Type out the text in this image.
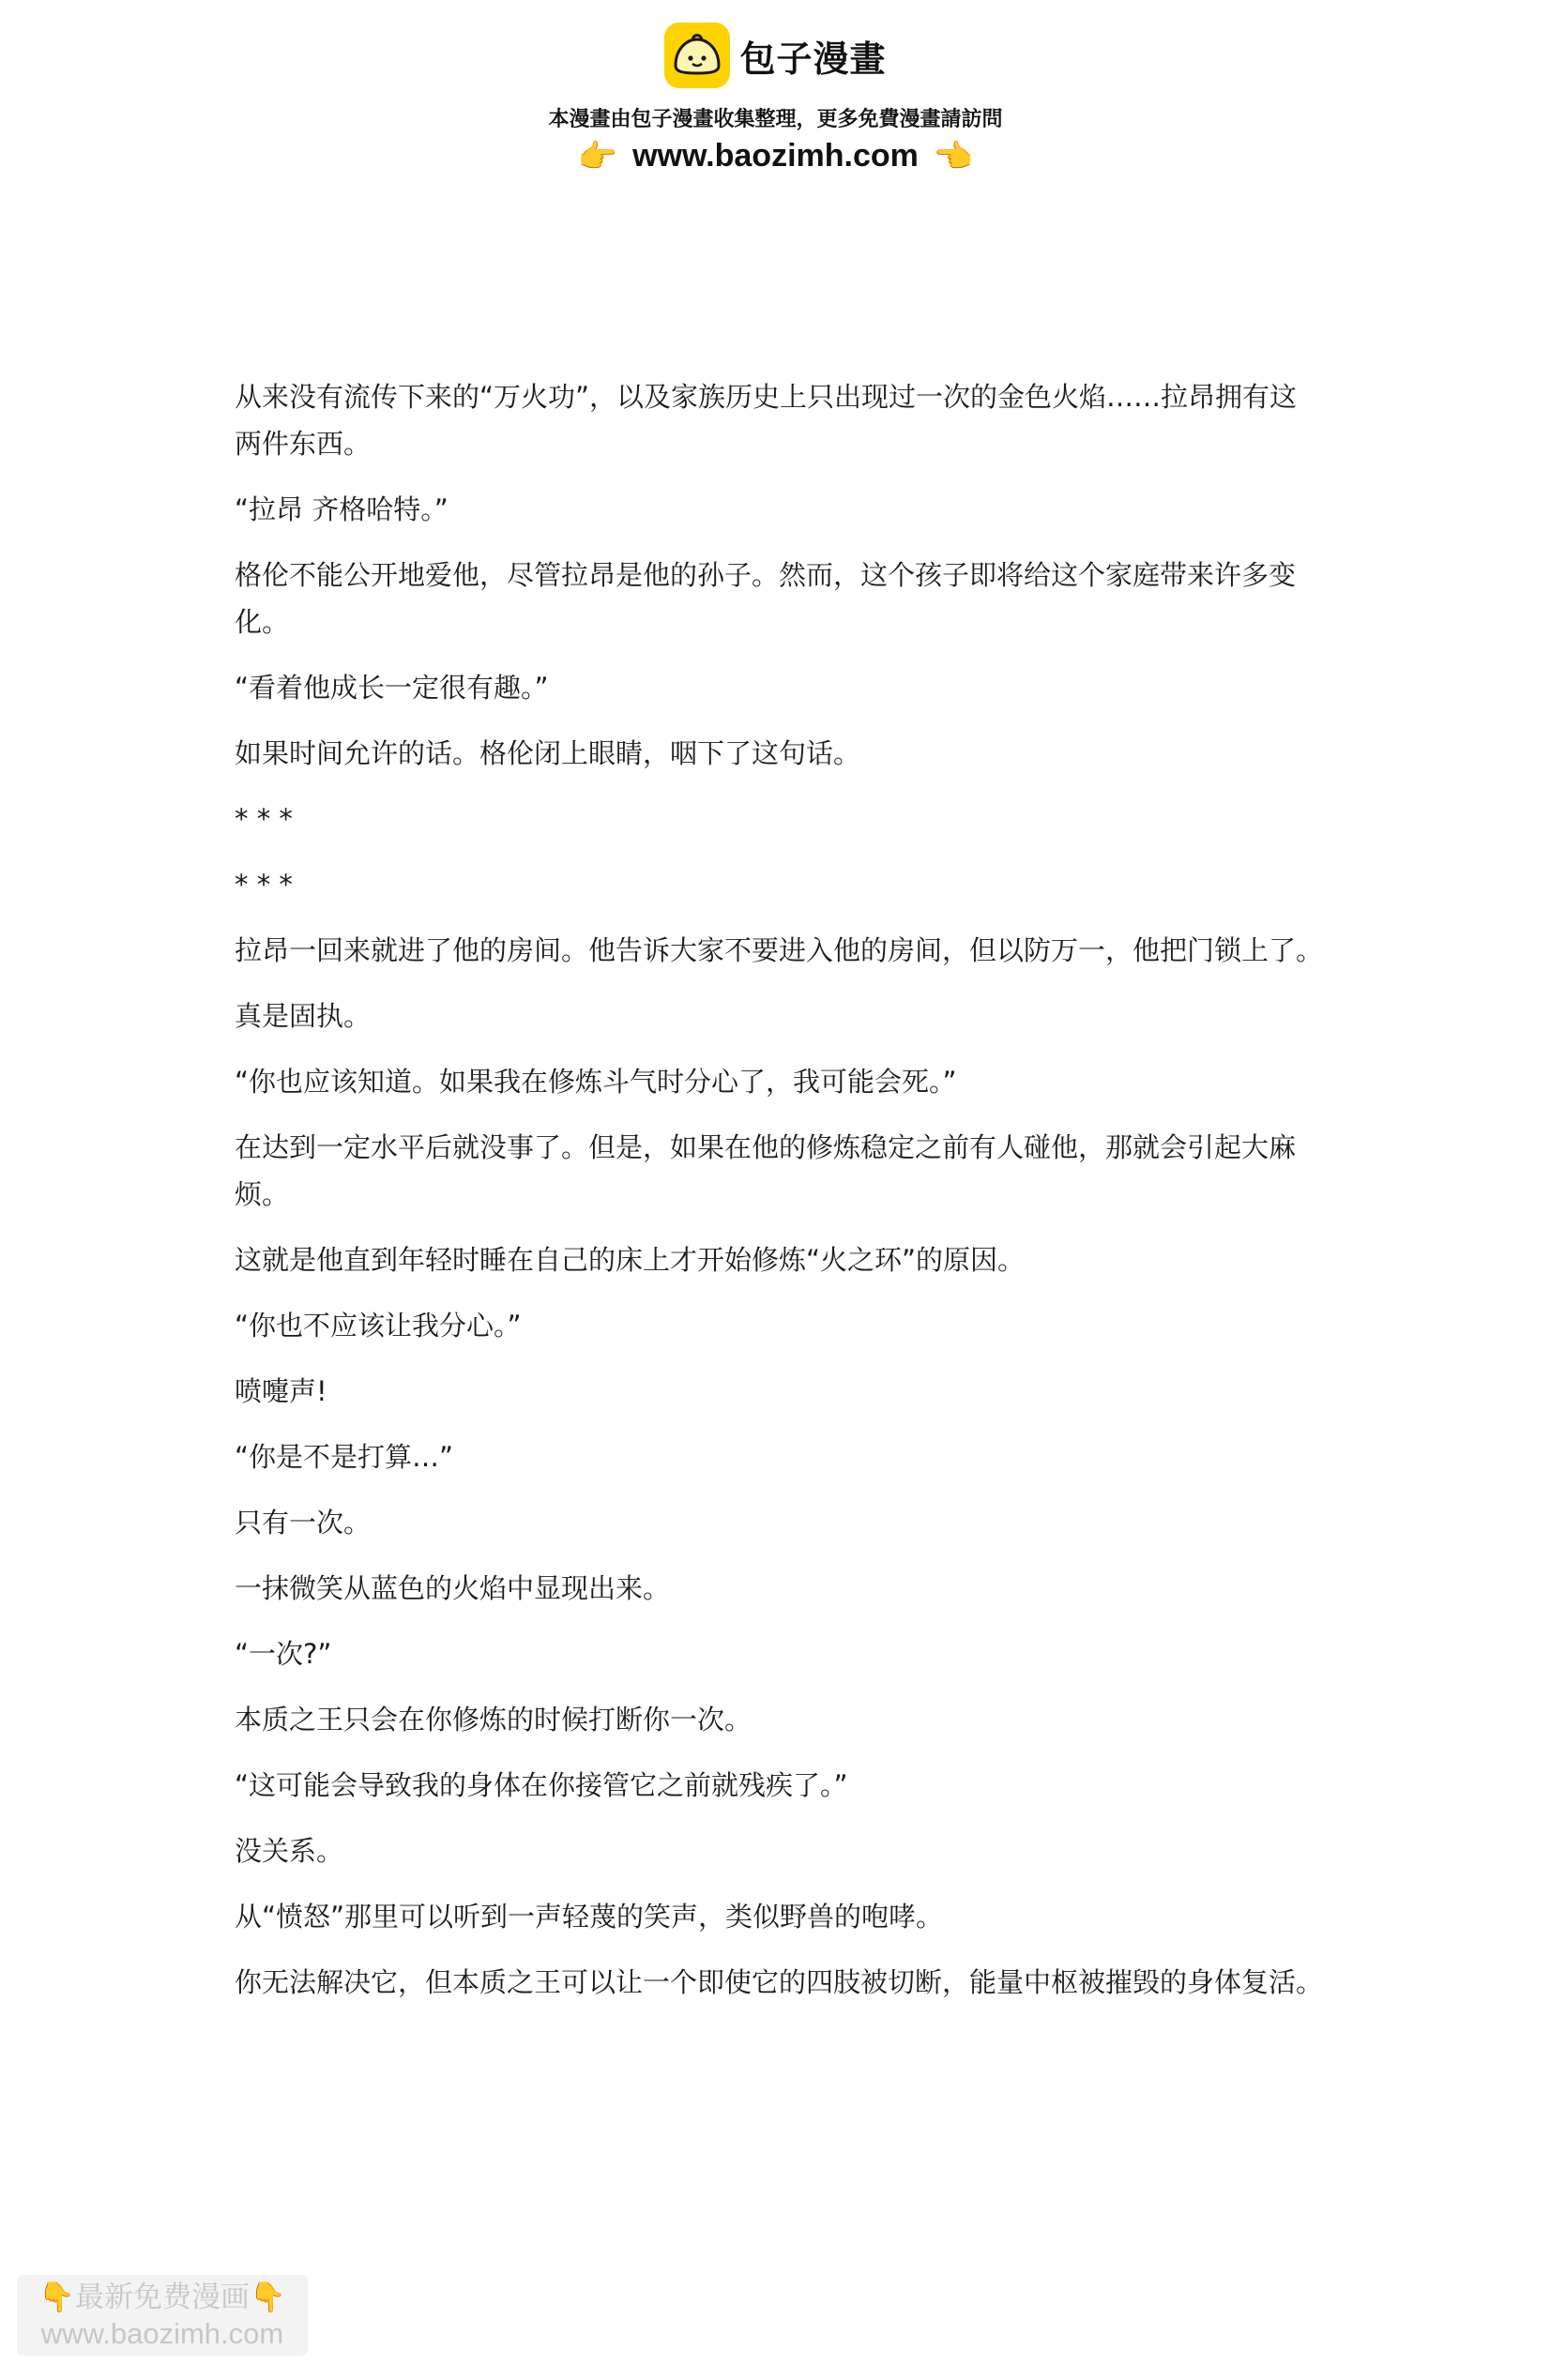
包子漫畫
本漫畫由包子漫畫收集整理，更多免費漫畫請訪問
👉 www.baozimh.com 👈

从来没有流传下来的“万火功”，以及家族历史上只出现过一次的金色火焰……拉昂拥有这两件东西。

“拉昂 齐格哈特。”

格伦不能公开地爱他，尽管拉昂是他的孙子。然而，这个孩子即将给这个家庭带来许多变化。

“看着他成长一定很有趣。”

如果时间允许的话。格伦闭上眼睛，咽下了这句话。

* * *

* * *

拉昂一回来就进了他的房间。他告诉大家不要进入他的房间，但以防万一，他把门锁上了。

真是固执。

“你也应该知道。如果我在修炼斗气时分心了，我可能会死。”

在达到一定水平后就没事了。但是，如果在他的修炼稳定之前有人碰他，那就会引起大麻烦。

这就是他直到年轻时睡在自己的床上才开始修炼“火之环”的原因。

“你也不应该让我分心。”

喷嚏声!

“你是不是打算…”

只有一次。

一抹微笑从蓝色的火焰中显现出来。

“一次?”

本质之王只会在你修炼的时候打断你一次。

“这可能会导致我的身体在你接管它之前就残疾了。”

没关系。

从“愤怒”那里可以听到一声轻蔑的笑声，类似野兽的咆哮。

你无法解决它，但本质之王可以让一个即使它的四肢被切断，能量中枢被摧毁的身体复活。

👇最新免费漫画👇
www.baozimh.com
